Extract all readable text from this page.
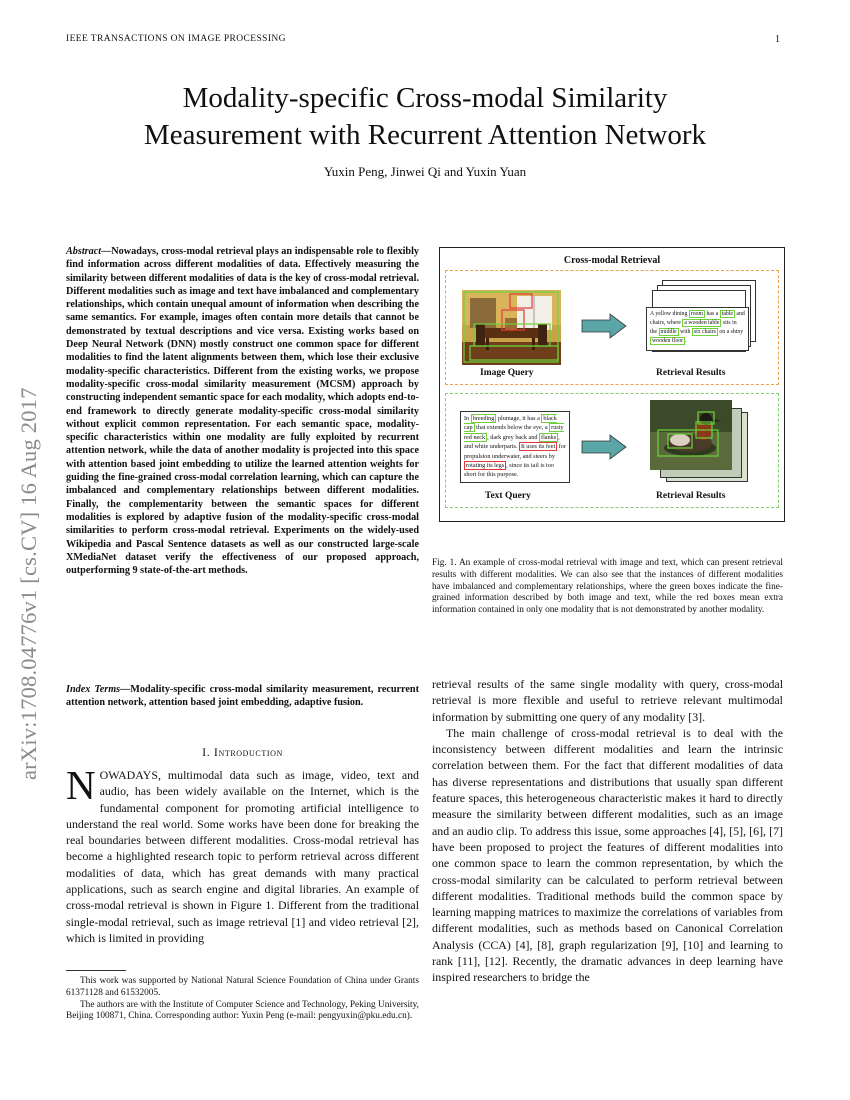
IEEE TRANSACTIONS ON IMAGE PROCESSING	1
Modality-specific Cross-modal Similarity
Measurement with Recurrent Attention Network
Yuxin Peng, Jinwei Qi and Yuxin Yuan
arXiv:1708.04776v1 [cs.CV] 16 Aug 2017
Abstract—Nowadays, cross-modal retrieval plays an indispensable role to flexibly find information across different modalities of data. Effectively measuring the similarity between different modalities of data is the key of cross-modal retrieval. Different modalities such as image and text have imbalanced and complementary relationships, which contain unequal amount of information when describing the same semantics. For example, images often contain more details that cannot be demonstrated by textual descriptions and vice versa. Existing works based on Deep Neural Network (DNN) mostly construct one common space for different modalities to find the latent alignments between them, which lose their exclusive modality-specific characteristics. Different from the existing works, we propose modality-specific cross-modal similarity measurement (MCSM) approach by constructing independent semantic space for each modality, which adopts end-to-end framework to directly generate modality-specific cross-modal similarity without explicit common representation. For each semantic space, modality-specific characteristics within one modality are fully exploited by recurrent attention network, while the data of another modality is projected into this space with attention based joint embedding to utilize the learned attention weights for guiding the fine-grained cross-modal correlation learning, which can capture the imbalanced and complementary relationships between different modalities. Finally, the complementarity between the semantic spaces for different modalities is explored by adaptive fusion of the modality-specific cross-modal similarities to perform cross-modal retrieval. Experiments on the widely-used Wikipedia and Pascal Sentence datasets as well as our constructed large-scale XMediaNet dataset verify the effectiveness of our proposed approach, outperforming 9 state-of-the-art methods.
Index Terms—Modality-specific cross-modal similarity measurement, recurrent attention network, attention based joint embedding, adaptive fusion.
I. Introduction
NOWADAYS, multimodal data such as image, video, text and audio, has been widely available on the Internet, which is the fundamental component for promoting artificial intelligence to understand the real world. Some works have been done for breaking the real boundaries between different modalities. Cross-modal retrieval has become a highlighted research topic to perform retrieval across different modalities of data, which has great demands with many practical applications, such as search engine and digital libraries. An example of cross-modal retrieval is shown in Figure 1. Different from the traditional single-modal retrieval, such as image retrieval [1] and video retrieval [2], which is limited in providing

This work was supported by National Natural Science Foundation of China under Grants 61371128 and 61532005.

The authors are with the Institute of Computer Science and Technology, Peking University, Beijing 100871, China. Corresponding author: Yuxin Peng (e-mail: pengyuxin@pku.edu.cn).

Cross-modal Retrieval
Image Query	Retrieval Results
A yellow dining room has a table and chairs, where a wooden table sits in the middle with six chairs on a shiny wooden floor .
In breeding plumage, it has a black cap that extends below the eye, a rusty red neck , dark grey back and flanks , and white underparts. It uses its feet for propulsion underwater, and steers by rotating its legs , since its tail is too short for this purpose.
Text Query	Retrieval Results
Fig. 1. An example of cross-modal retrieval with image and text, which can present retrieval results with different modalities. We can also see that the instances of different modalities have imbalanced and complementary relationships, where the green boxes indicate the fine-grained information described by both image and text, while the red boxes mean extra information contained in only one modality that is not demonstrated by another modality.

retrieval results of the same single modality with query, cross-modal retrieval is more flexible and useful to retrieve relevant multimodal information by submitting one query of any modality [3].

The main challenge of cross-modal retrieval is to deal with the inconsistency between different modalities and learn the intrinsic correlation between them. For the fact that different modalities of data has diverse representations and distributions that usually span different feature spaces, this heterogeneous characteristic makes it hard to directly measure the similarity between different modalities, such as an image and an audio clip. To address this issue, some approaches [4], [5], [6], [7] have been proposed to project the features of different modalities into one common space to learn the common representation, by which the cross-modal similarity can be calculated to perform retrieval between different modalities. Traditional methods build the common space by learning mapping matrices to maximize the correlations of variables from different modalities, such as methods based on Canonical Correlation Analysis (CCA) [4], [8], graph regularization [9], [10] and learning to rank [11], [12]. Recently, the dramatic advances in deep learning have inspired researchers to bridge the
